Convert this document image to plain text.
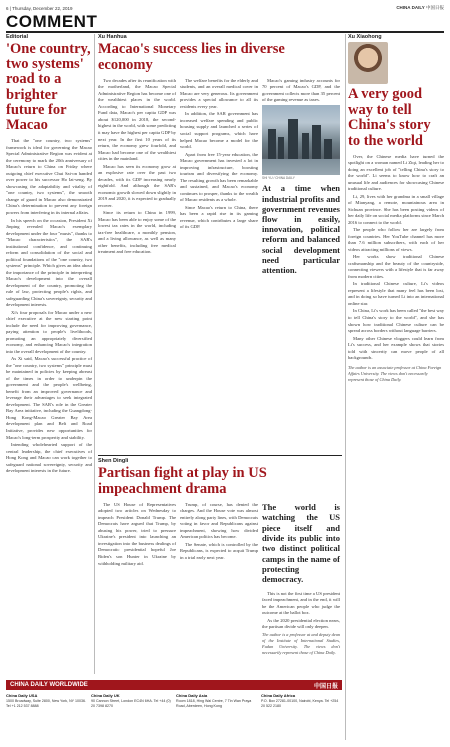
6 | Thursday, December 22, 2019	CHINA DAILY 中国日报
COMMENT
Editorial
'One country, two systems' road to a brighter future for Macao

That the "one country, two systems" framework is ideal for governing the Macao Special Administrative Region was evident at the ceremony to mark the 20th anniversary of Macao's return to China on Friday where outgoing chief executive Chui Sai-on handed over power to his successor Ho Iat-seng. By showcasing the adaptability and vitality of "one country, two systems", the smooth change of guard in Macao also demonstrated China's determination to prevent any foreign powers from interfering in its internal affairs.

In his speech on the occasion, President Xi Jinping revealed Macao's exemplary development under the four "musts", thanks to "Macao characteristics", the SAR's institutional confidence, and continuing reform and consolidation of the social and political foundations of the "one country, two systems" principle. Which gives an idea about the importance of the principle in interpreting Macao's development into the overall development of the country, promoting the rule of law, protecting people's rights, and safeguarding China's sovereignty, security and development interests.

Xi's four proposals for Macao under a new chief executive at the new starting point include the need for improving governance, paying attention to people's livelihoods, promoting an appropriately diversified economy, and enhancing Macao's integration into the overall development of the country.

As Xi said, Macao's successful practice of the "one country, two systems" principle must be maintained in policies by keeping abreast of the times in order to underpin the government and the people's wellbeing, benefit from an improved governance and leverage their advantages to seek integrated development. The SAR's role in the Greater Bay Area initiative, including the Guangdong-Hong Kong-Macao Greater Bay Area development plan and Belt and Road Initiative, provides new opportunities for Macao's long-term prosperity and stability.

Intending wholehearted support of the central leadership, the chief executives of Hong Kong and Macao can work together to safeguard national sovereignty, security and development interests in the future.

Xu Hanhua
Macao's success lies in diverse economy

Two decades after its reunification with the motherland, the Macao Special Administrative Region has become one of the wealthiest places in the world. According to International Monetary Fund data, Macao's per capita GDP was about $120,000 in 2018, the second-highest in the world, with some predicting it may have the highest per capita GDP by next year. In the first 10 years of its return, the economy grew fourfold, and Macao had become one of the wealthiest cities in the mainland.

Macao has seen its economy grow at an explosive rate over the past two decades, with its GDP increasing nearly eightfold. And although the SAR's economic growth slowed down slightly in 2019 and 2020, it is expected to gradually recover.

Since its return to China in 1999, Macao has been able to enjoy some of the lowest tax rates in the world, including tax-free healthcare, a monthly pension, and a living allowance, as well as many other benefits, including free medical treatment and free education.

The welfare benefits for the elderly and students, and an overall medical cover in Macao are very generous. Its government provides a special allowance to all its residents every year.

In addition, the SAR government has increased welfare spending and public housing supply and launched a series of social support programs, which have helped Macao become a model for the world.

Apart from free 15-year education, the Macao government has invested a lot in improving infrastructure, boosting tourism and diversifying the economy. The resulting growth has been remarkable and sustained, and Macao's economy continues to prosper, thanks to the wealth of Macao residents as a whole.

Since Macao's return to China, there has been a rapid rise in its gaming revenue, which contributes a large share of its GDP.

Macao's gaming industry accounts for 70 percent of Macao's GDP, and the government collects more than 35 percent of the gaming revenue as taxes.

SHI YU / CHINA DAILY
At a time when industrial profits and government revenues flow in easily, innovation, political reform and balanced social development need particular attention.
Xu Xiaohong
A very good way to tell China's story to the world

Over, the Chinese media have turned the spotlight on a woman named Li Ziqi, leading her to doing an excellent job of "telling China's story to the world". Li seems to know how to craft an unusual life and audiences for showcasing Chinese traditional culture.

Li, 29, lives with her grandma in a small village of Mianyang, a remote, mountainous area in Sichuan province. She has been posting videos of her daily life on social media platforms since March 2016 to connect to the world.

The people who follow her are largely from foreign countries. Her YouTube channel has more than 7.6 million subscribers, with each of her videos attracting millions of views.

Her works show traditional Chinese craftsmanship and the beauty of the countryside, connecting viewers with a lifestyle that is far away from modern cities.

In traditional Chinese culture, Li's videos represent a lifestyle that many feel has been lost, and in doing so have turned Li into an international online star.

In China, Li's work has been called "the best way to tell China's story to the world", and she has shown how traditional Chinese culture can be spread across borders without language barriers.

Many other Chinese vloggers could learn from Li's success, and her example shows that stories told with sincerity can move people of all backgrounds.

The author is an associate professor at China Foreign Affairs University. The views don't necessarily represent those of China Daily.
Shen Dingli
Partisan fight at play in US impeachment drama

The US House of Representatives adopted two articles on Wednesday to impeach President Donald Trump. The Democrats have argued that Trump, by abusing his power, tried to pressure Ukraine's president into launching an investigation into the business dealings of Democratic presidential hopeful Joe Biden's son Hunter in Ukraine by withholding military aid.

Trump, of course, has denied the charges. And the House vote was almost entirely along party lines, with Democrats voting in favor and Republicans against impeachment, showing how divided American politics has become.

The Senate, which is controlled by the Republicans, is expected to acquit Trump in a trial early next year.

The world is watching the US piece itself and divide its public into two distinct political camps in the name of protecting democracy.

This is not the first time a US president faced impeachment, and in the end, it will be the American people who judge the outcome at the ballot box.

As the 2020 presidential election nears, the partisan divide will only deepen.

The author is a professor at and deputy dean of the Institute of International Studies, Fudan University. The views don't necessarily represent those of China Daily.
CHINA DAILY WORLDWIDE	中国日报
China Daily USA
1500 Broadway, Suite 2800, New York, NY 10036. Tel +1 212 537 8888
China Daily UK
90 Cannon Street, London EC4N 6HA. Tel +44 (0) 20 7398 8270
China Daily Asia
Room 1818, Hing Wai Centre, 7 Tin Wan Praya Road, Aberdeen, Hong Kong
China Daily Africa
P.O. Box 27281-00100, Nairobi, Kenya. Tel +254 20 522 2180
